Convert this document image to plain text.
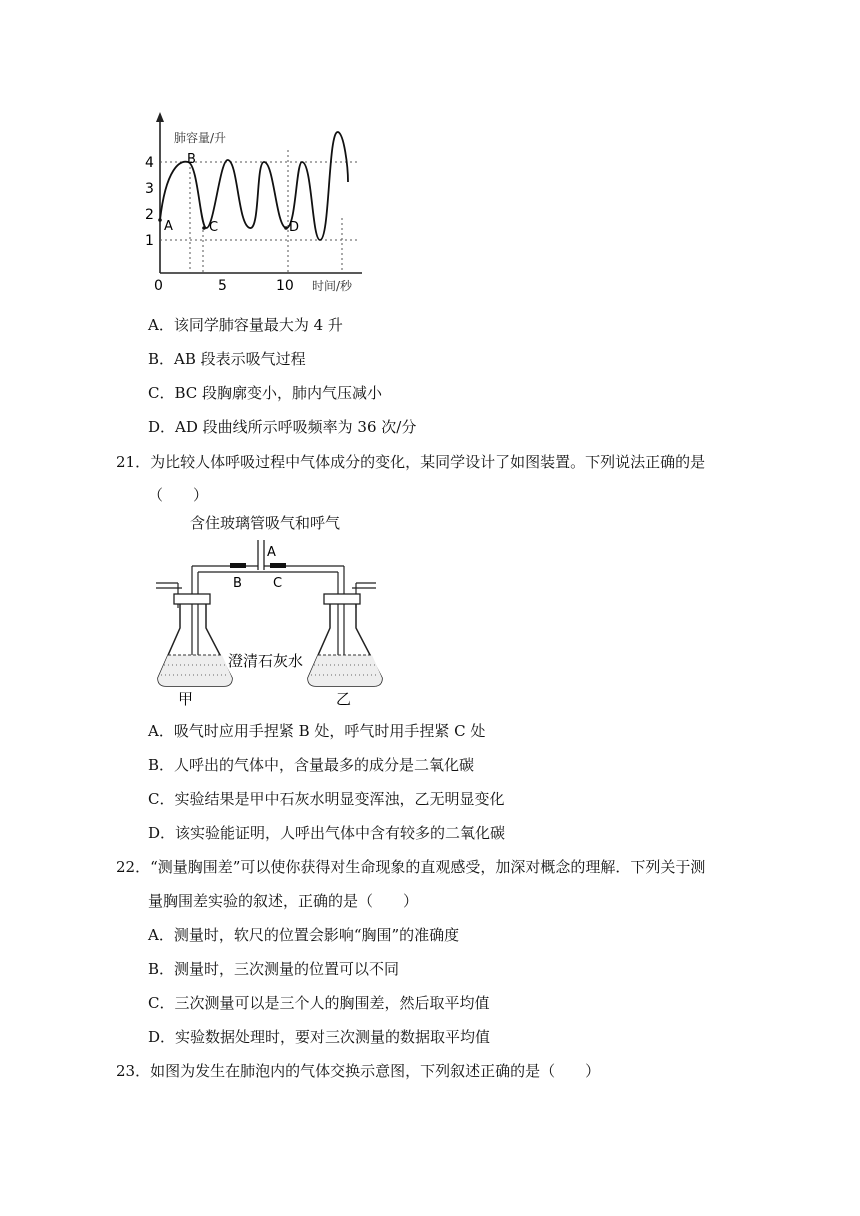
肺容量/升
4
3
2
1
0	5	10 时间/秒
A
B
C	D
A．该同学肺容量最大为 4 升
B．AB 段表示吸气过程
C．BC 段胸廓变小，肺内气压减小
D．AD 段曲线所示呼吸频率为 36 次/分
21．为比较人体呼吸过程中气体成分的变化，某同学设计了如图装置。下列说法正确的是
（　　）
含住玻璃管吸气和呼气
A
B C
澄清石灰水
甲	乙
A．吸气时应用手捏紧 B 处，呼气时用手捏紧 C 处
B．人呼出的气体中，含量最多的成分是二氧化碳
C．实验结果是甲中石灰水明显变浑浊，乙无明显变化
D．该实验能证明，人呼出气体中含有较多的二氧化碳
22．“测量胸围差”可以使你获得对生命现象的直观感受，加深对概念的理解．下列关于测
量胸围差实验的叙述，正确的是（　　）
A．测量时，软尺的位置会影响“胸围”的准确度
B．测量时，三次测量的位置可以不同
C．三次测量可以是三个人的胸围差，然后取平均值
D．实验数据处理时，要对三次测量的数据取平均值
23．如图为发生在肺泡内的气体交换示意图，下列叙述正确的是（　　）
